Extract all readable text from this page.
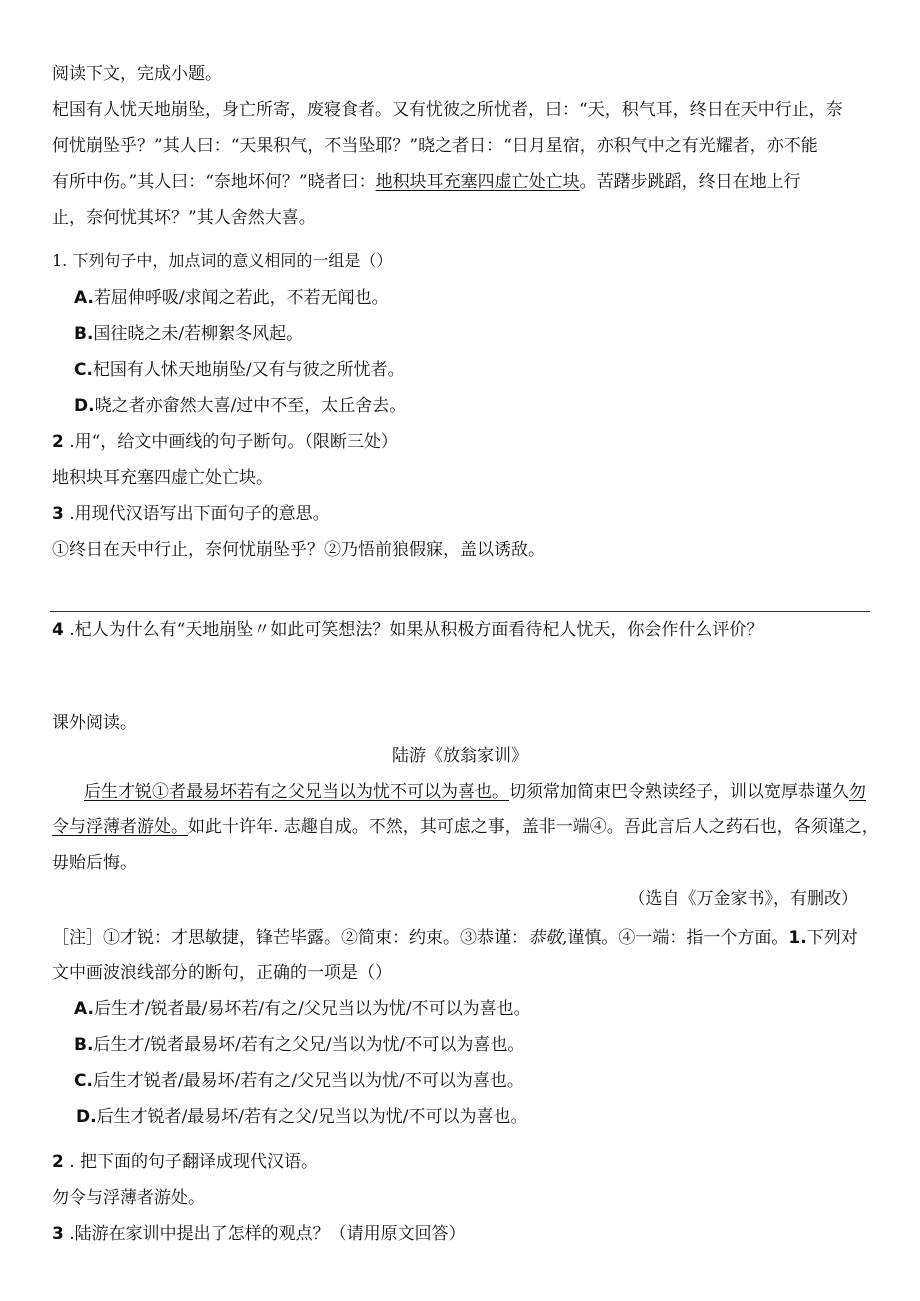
阅读下文，完成小题。
杞国有人忧天地崩坠，身亡所寄，废寝食者。又有忧彼之所忧者，曰：“天，积气耳，终日在天中行止，奈
何忧崩坠乎？”其人曰：“天果积气，不当坠耶？”晓之者日：“日月星宿，亦积气中之有光耀者，亦不能
有所中伤。”其人曰：“奈地坏何？”晓者曰：地积块耳充塞四虚亡处亡块。苦躇步跳蹈，终日在地上行
止，奈何忧其坏？”其人舍然大喜。
1. 下列句子中，加点词的意义相同的一组是（）
A.若屈伸呼吸/求闻之若此，不若无闻也。
B.国往晓之未/若柳絮冬风起。
C.杞国有人怵天地崩坠/又有与彼之所忧者。
D.哓之者亦畲然大喜/过中不至，太丘舍去。
2 .用“，给文中画线的句子断句。（限断三处）
地积块耳充塞四虚亡处亡块。
3 .用现代汉语写出下面句子的意思。
①终日在天中行止，奈何忧崩坠乎？②乃悟前狼假寐，盖以诱敌。
4 .杞人为什么有“天地崩坠〃如此可笑想法？如果从积极方面看待杞人忧天，你会作什么评价？
课外阅读。
陆游《放翁家训》
后生才锐①者最易坏若有之父兄当以为忧不可以为喜也。切须常加简束巴令熟读经子，训以宽厚恭谨久勿
令与浮薄者游处。如此十许年. 志趣自成。不然，其可虑之事，盖非一端④。吾此言后人之药石也，各须谨之，
毋贻后悔。
（选自《万金家书》，有删改）
［注］①才锐：才思敏捷，锋芒毕露。②简束：约束。③恭谨：恭敬,谨慎。④一端：指一个方面。1.下列对
文中画波浪线部分的断句，正确的一项是（）
A.后生才/锐者最/易坏若/有之/父兄当以为忧/不可以为喜也。
B.后生才/锐者最易坏/若有之父兄/当以为忧/不可以为喜也。
C.后生才锐者/最易坏/若有之/父兄当以为忧/不可以为喜也。
D.后生才锐者/最易坏/若有之父/兄当以为忧/不可以为喜也。
2 . 把下面的句子翻译成现代汉语。
勿令与浮薄者游处。
3 .陆游在家训中提出了怎样的观点？（请用原文回答）
